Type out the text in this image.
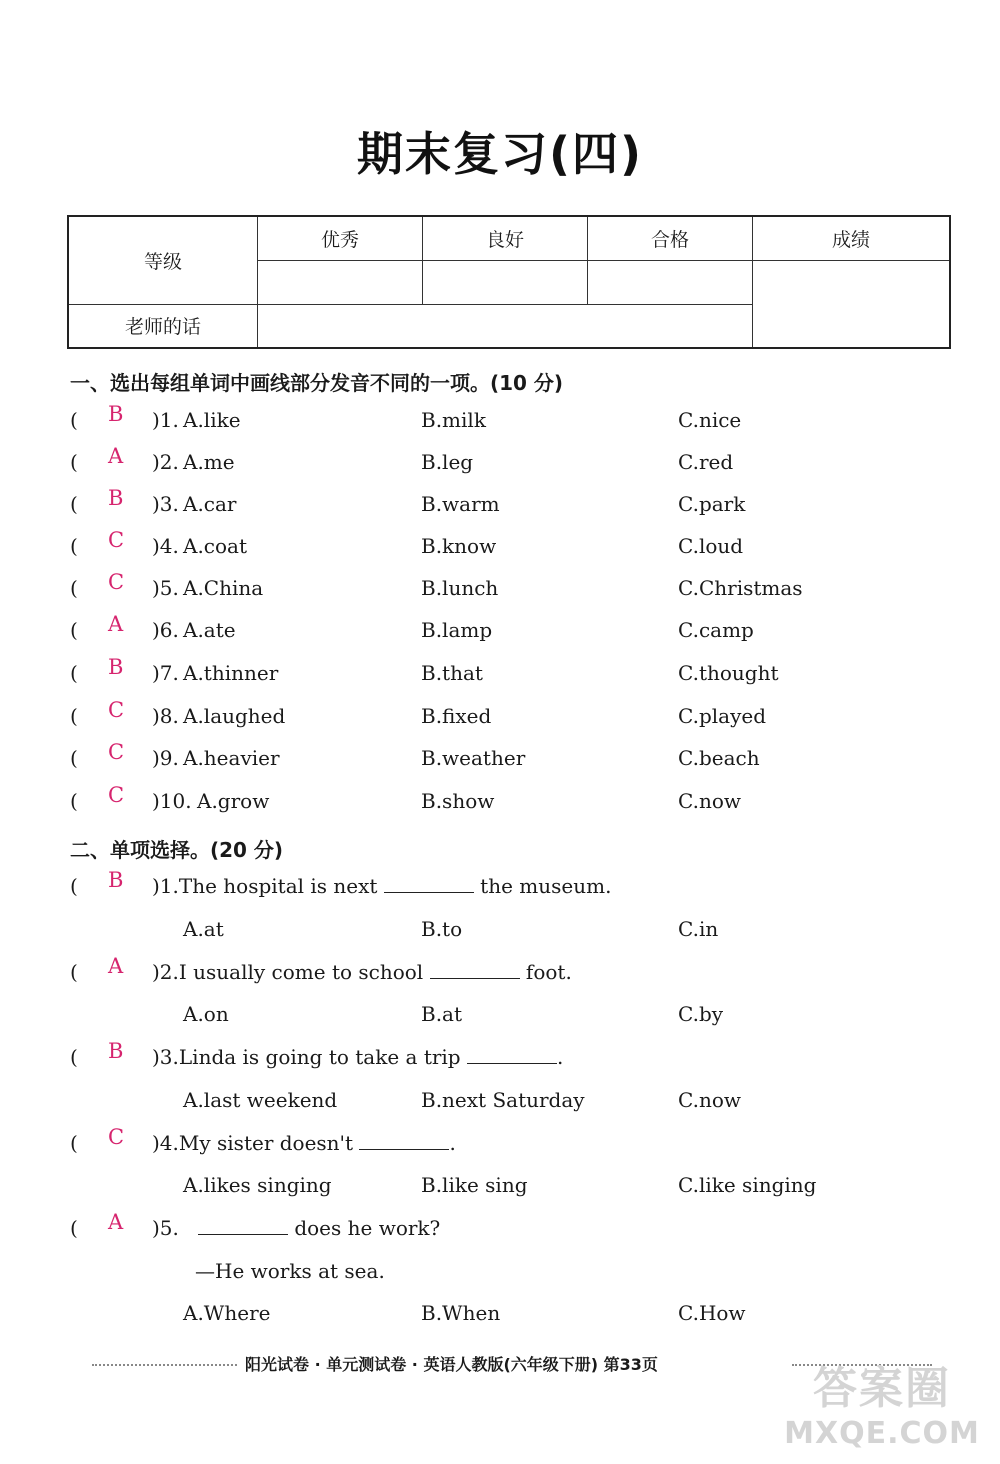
期末复习(四)
等级	优秀	良好	合格	成绩

老师的话				
一、选出每组单词中画线部分发音不同的一项。(10 分)
( B )1. A.like	B.milk	C.nice
( A )2. A.me	B.leg	C.red
( B )3. A.car	B.warm	C.park
( C )4. A.coat	B.know	C.loud
( C )5. A.China	B.lunch	C.Christmas
( A )6. A.ate	B.lamp	C.camp
( B )7. A.thinner	B.that	C.thought
( C )8. A.laughed	B.fixed	C.played
( C )9. A.heavier	B.weather	C.beach
( C )10. A.grow	B.show	C.now
二、单项选择。(20 分)
( B )1.The hospital is next	the museum.
A.at	B.to	C.in
( A )2.I usually come to school	foot.
A.on	B.at	C.by
( B )3.Linda is going to take a trip	.
A.last weekend	B.next Saturday	C.now
( C )4.My sister doesn't	.
A.likes singing	B.like sing	C.like singing
( A )5.	does he work?
—He works at sea.
A.Where	B.When	C.How
阳光试卷 · 单元测试卷 · 英语人教版(六年级下册) 第33页	答案圈
MXQE.COM
